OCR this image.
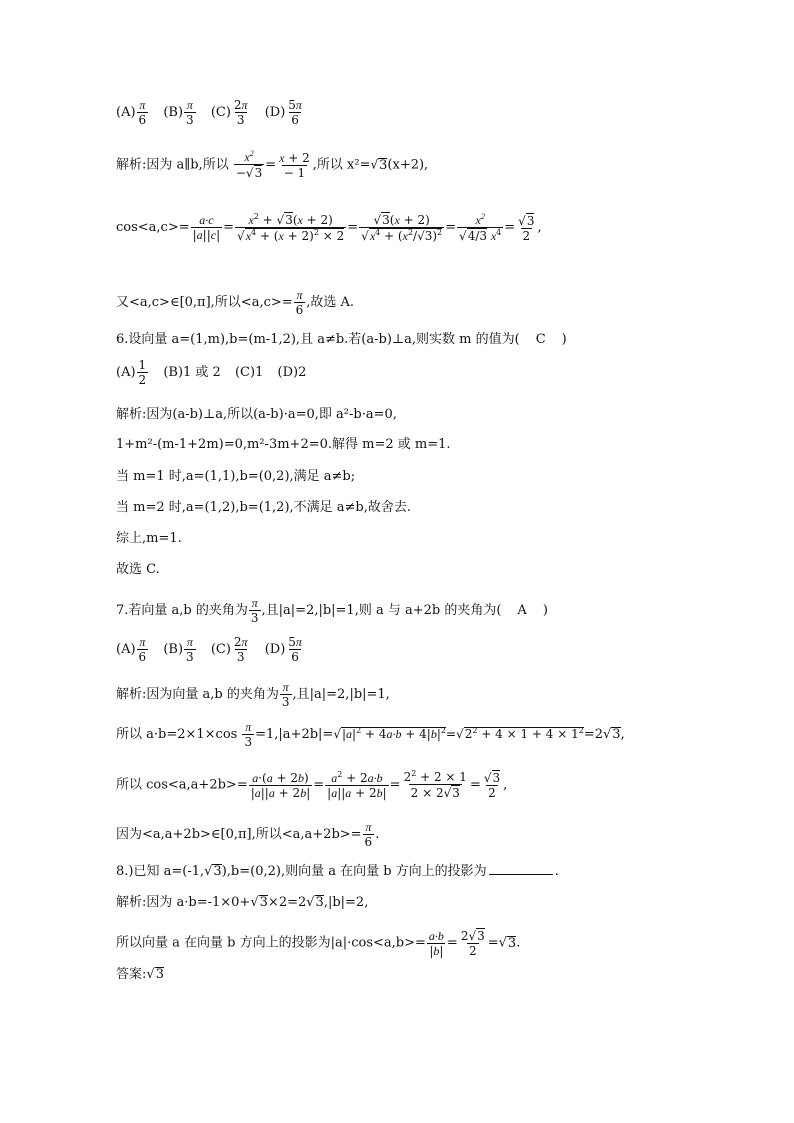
$(A) \frac{\pi}{6} (B) \frac{\pi}{3} (C) \frac{2\pi}{3} (D) \frac{5\pi}{6}$
解析:因为 a∥b,所以 $\frac{x^2}{-√3} = \frac{x + 2}{- 1}$ ,所以 x²=√3(x+2),
$\cos<a,c>= \frac{a\cdot c}{|a||c|} = \frac{x^2 + √3(x + 2)}{√x^4 + (x + 2)^2 \times 2} = \frac{√3(x + 2)}{√x^4 + (x^2/√3)^2} = \frac{x^2}{√4/3 x^4} = \frac{√3}{2}$ ,
又<a,c>∈[0,π],所以$<a,c>= \frac{\pi}{6}$ ,故选 A.
6.设向量 a=(1,m),b=(m-1,2),且 a≠b.若(a-b)⊥a,则实数 m 的值为( C )
$(A) \frac{1}{2} (B)1$ 或 2 (C)1 (D)2
解析:因为(a-b)⊥a,所以(a-b)·a=0,即 a²-b·a=0,
1+m²-(m-1+2m)=0,m²-3m+2=0.解得 m=2 或 m=1.
当 m=1 时,a=(1,1),b=(0,2),满足 a≠b;
当 m=2 时,a=(1,2),b=(1,2),不满足 a≠b,故舍去.
综上,m=1.
故选 C.
7.若向量 a,b 的夹角为 $\frac{\pi}{3}$ ,且|a|=2,|b|=1,则 a 与 a+2b 的夹角为( A )
$(A) \frac{\pi}{6} (B) \frac{\pi}{3} (C) \frac{2\pi}{3} (D) \frac{5\pi}{6}$
解析:因为向量 a,b 的夹角为 $\frac{\pi}{3}$ ,且|a|=2,|b|=1,
所以 $a\cdot b=2\times 1\times\cos \frac{\pi}{3} =1,|a+2b|=√|a|^2 + 4a\cdot b + 4|b|^2=√2^2 + 4 \times 1 + 4 \times 1^2=2√3$,
所以 $\cos<a,a+2b>= \frac{a\cdot(a + 2b)}{|a||a + 2b|} = \frac{a^2 + 2a\cdot b}{|a||a + 2b|} = \frac{2^2 + 2 \times 1}{2 \times 2√3} = \frac{√3}{2}$ ,
因为<a,a+2b>∈[0,π],所以$<a,a+2b>= \frac{\pi}{6}$ .
8.)已知 a=(-1,√3),b=(0,2),则向量 a 在向量 b 方向上的投影为	.
解析:因为 a·b=-1×0+√3×2=2√3,|b|=2,
所以向量 a 在向量 b 方向上的投影为$|a|\cdot\cos<a,b>= \frac{a\cdot b}{|b|} = \frac{2√3}{2} =√3$.
答案:√3
